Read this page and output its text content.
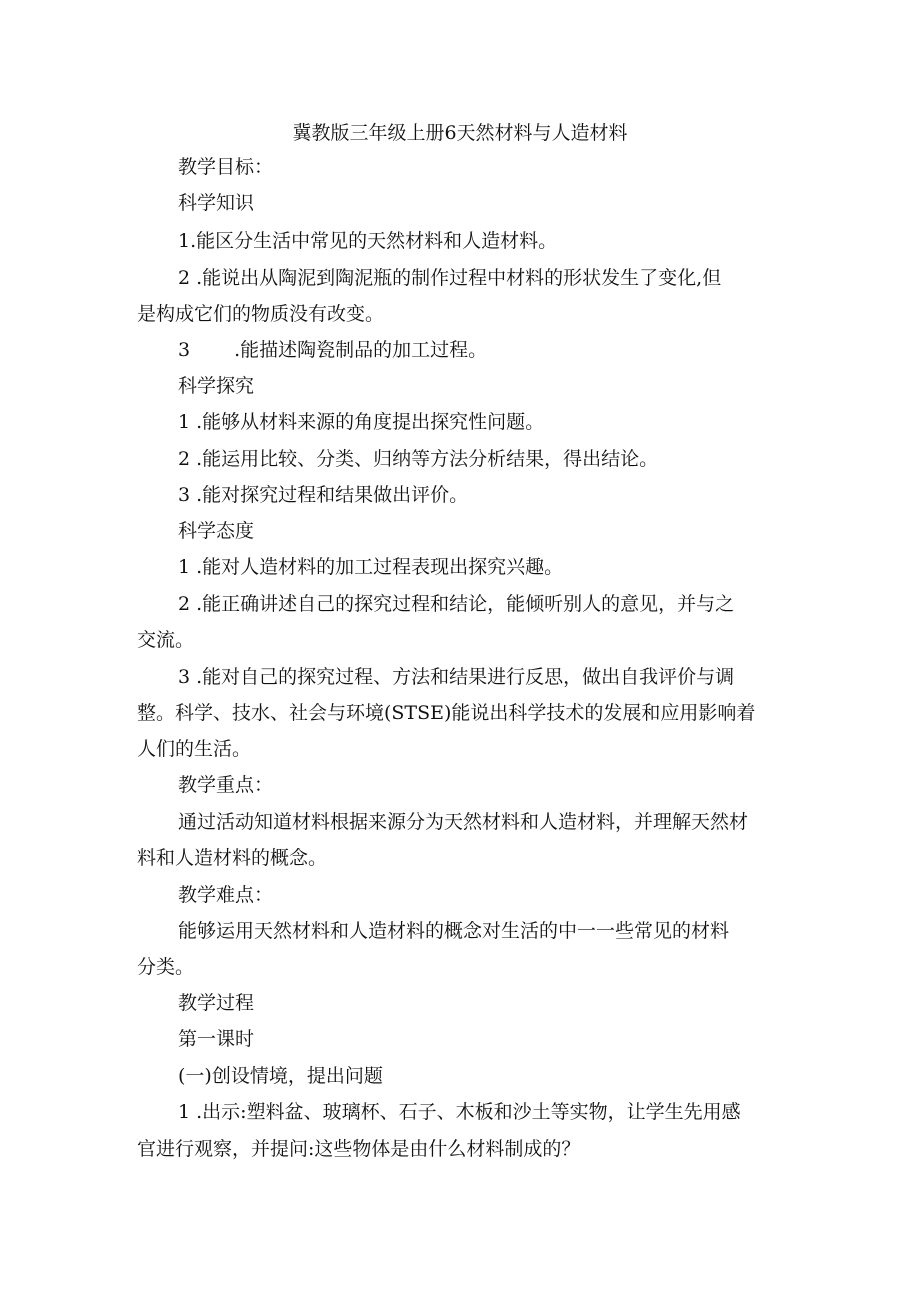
冀教版三年级上册6天然材料与人造材料
教学目标：
科学知识
1.能区分生活中常见的天然材料和人造材料。
2 .能说出从陶泥到陶泥瓶的制作过程中材料的形状发生了变化,但
是构成它们的物质没有改变。
3 .能描述陶瓷制品的加工过程。
科学探究
1 .能够从材料来源的角度提出探究性问题。
2 .能运用比较、分类、归纳等方法分析结果，得出结论。
3 .能对探究过程和结果做出评价。
科学态度
1 .能对人造材料的加工过程表现出探究兴趣。
2 .能正确讲述自己的探究过程和结论，能倾听别人的意见，并与之
交流。
3 .能对自己的探究过程、方法和结果进行反思，做出自我评价与调
整。科学、技水、社会与环境(STSE)能说出科学技术的发展和应用影响着
人们的生活。
教学重点：
通过活动知道材料根据来源分为天然材料和人造材料，并理解天然材
料和人造材料的概念。
教学难点：
能够运用天然材料和人造材料的概念对生活的中一一些常见的材料
分类。
教学过程
第一课时
(一)创设情境，提出问题
1 .出示:塑料盆、玻璃杯、石子、木板和沙土等实物，让学生先用感
官进行观察，并提问:这些物体是由什么材料制成的？
